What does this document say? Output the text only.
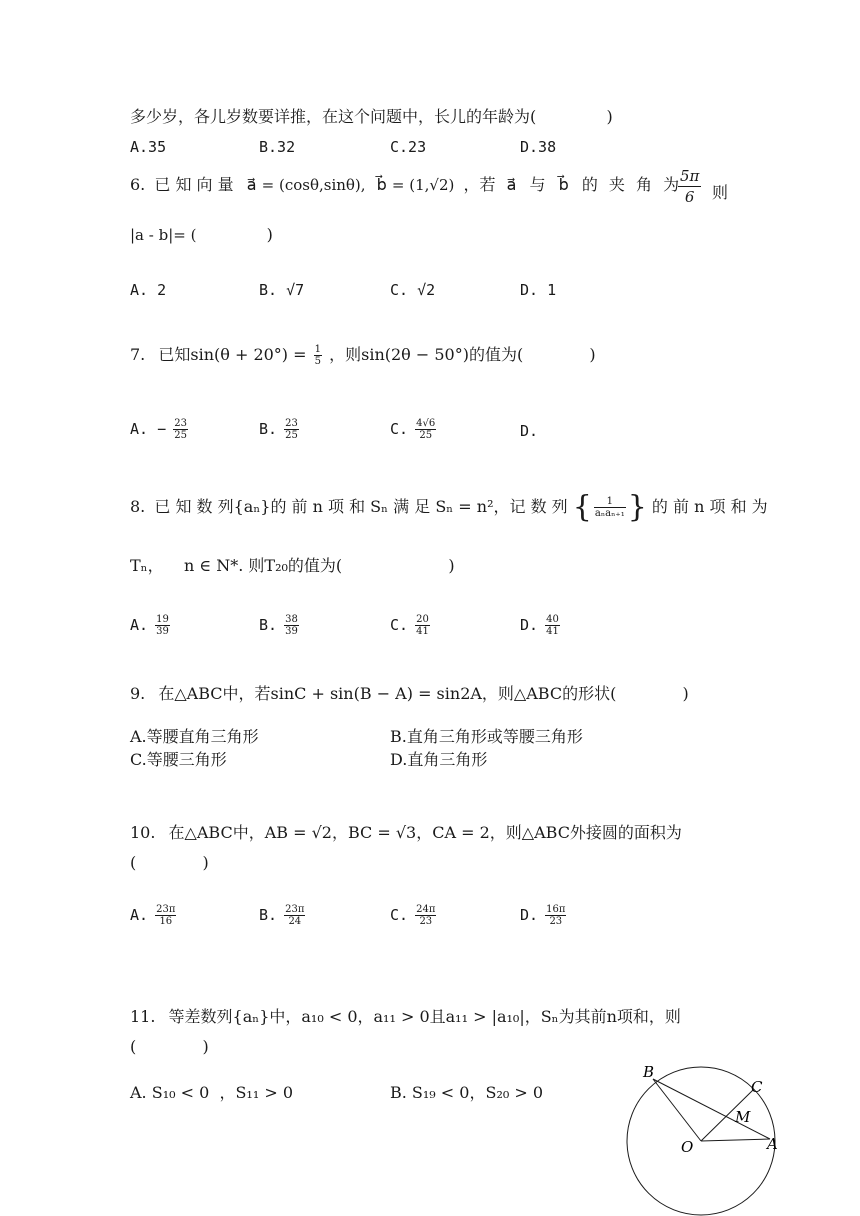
多少岁，各儿岁数要详推，在这个问题中，长儿的年龄为(	)
A.35	B.32	C.23	D.38
6. 已 知 向 量 a⃗ = (cosθ,sinθ), b⃗ = (1,√2) ，若 a⃗ 与 b⃗ 的 夹 角 为
$\frac{5\pi}{6}$ 则
|a - b|= (	)
A. 2	B. √7	C. √2	D. 1
7. 已知$\sin(\theta + 20^\circ) = \frac{1}{5}$ ，则sin(2θ − 50°)的值为(	)
A. − $\frac{23}{25}$	B. $\frac{23}{25}$	C. $\frac{4√6}{25}$	D.
8. 已 知 数 列{aₙ}的 前 n 项 和 Sₙ 满 足 Sₙ = n²，记 数 列 { $\frac{1}{\text{aₙaₙ₊₁}}$ } 的 前 n 项 和 为
Tₙ，    n ∈ N*. 则T₂₀的值为(	)
A. $\frac{19}{39}$	B. $\frac{38}{39}$	C. $\frac{20}{41}$	D. $\frac{40}{41}$
9. 在△ABC中，若sinC + sin(B − A) = sin2A，则△ABC的形状(	)
A.等腰直角三角形	B.直角三角形或等腰三角形
C.等腰三角形	D.直角三角形
10. 在△ABC中，AB = √2，BC = √3，CA = 2，则△ABC外接圆的面积为
(	)
A. $\frac{23\pi}{16}$	B. $\frac{23\pi}{24}$	C. $\frac{24\pi}{23}$	D. $\frac{16\pi}{23}$
11. 等差数列{aₙ}中，a₁₀ < 0，a₁₁ > 0且a₁₁ > |a₁₀|，Sₙ为其前n项和，则
(	)
A. S₁₀ < 0  ，S₁₁ > 0	B. S₁₉ < 0，S₂₀ > 0
B
C
M
O	A
